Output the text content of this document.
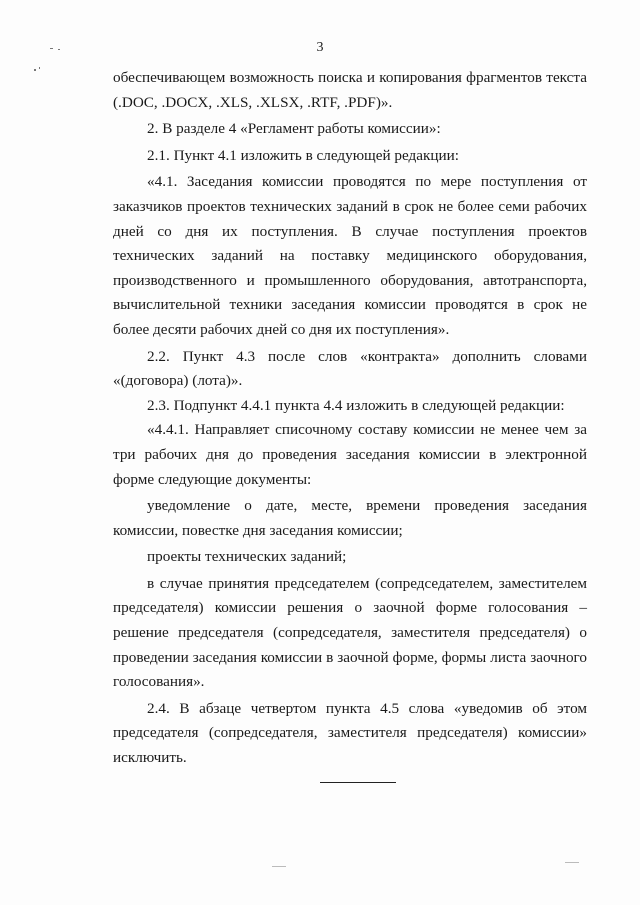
3

обеспечивающем возможность поиска и копирования фрагментов текста (.DOC, .DOCX, .XLS, .XLSX, .RTF, .PDF)».

2. В разделе 4 «Регламент работы комиссии»:

2.1. Пункт 4.1 изложить в следующей редакции:

«4.1. Заседания комиссии проводятся по мере поступления от заказчиков проектов технических заданий в срок не более семи рабочих дней со дня их поступления. В случае поступления проектов технических заданий на поставку медицинского оборудования, производственного и промышленного оборудования, автотранспорта, вычислительной техники заседания комиссии проводятся в срок не более десяти рабочих дней со дня их поступления».

2.2. Пункт 4.3 после слов «контракта» дополнить словами «(договора) (лота)».

2.3. Подпункт 4.4.1 пункта 4.4 изложить в следующей редакции:

«4.4.1. Направляет списочному составу комиссии не менее чем за три рабочих дня до проведения заседания комиссии в электронной форме следующие документы:

уведомление о дате, месте, времени проведения заседания комиссии, повестке дня заседания комиссии;

проекты технических заданий;

в случае принятия председателем (сопредседателем, заместителем председателя) комиссии решения о заочной форме голосования – решение председателя (сопредседателя, заместителя председателя) о проведении заседания комиссии в заочной форме, формы листа заочного голосования».

2.4. В абзаце четвертом пункта 4.5 слова «уведомив об этом председателя (сопредседателя, заместителя председателя) комиссии» исключить.
